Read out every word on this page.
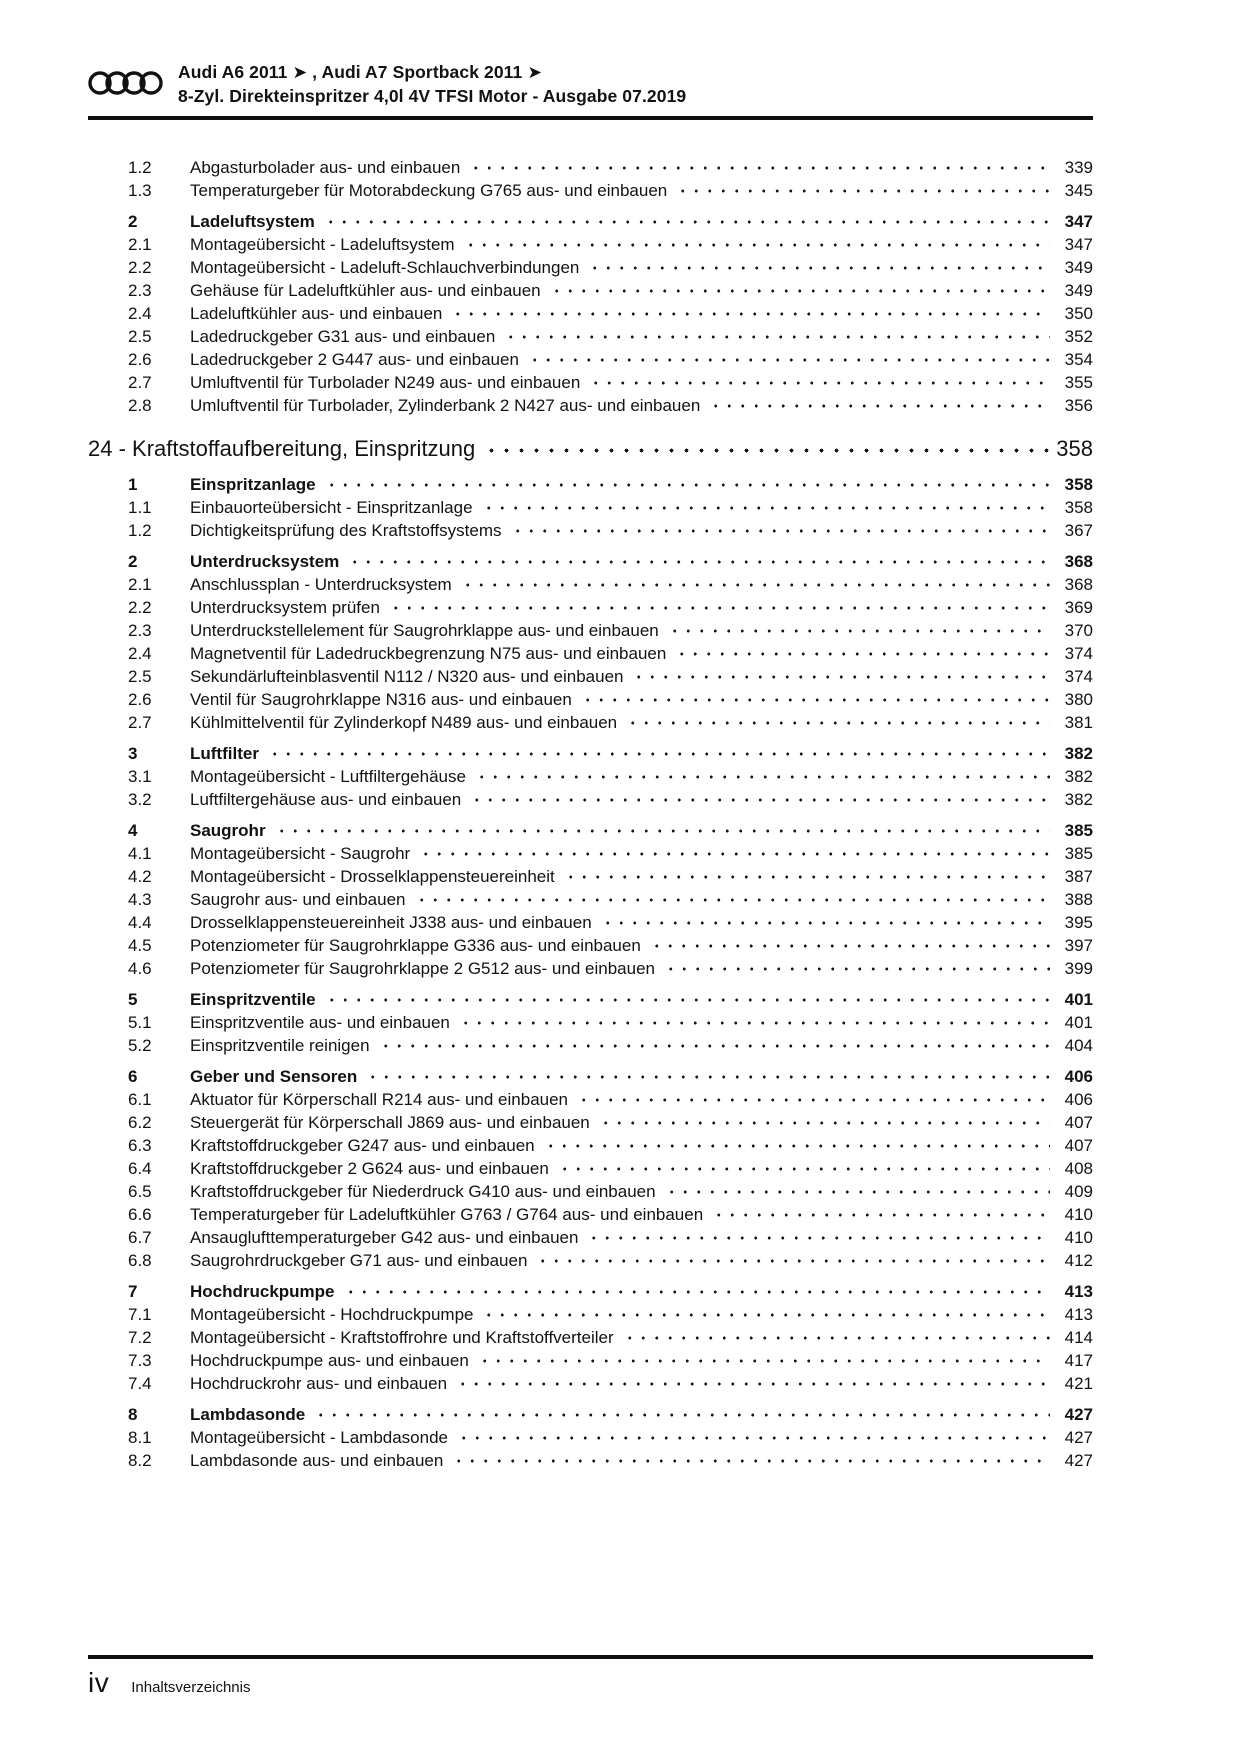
Audi A6 2011 ➤ , Audi A7 Sportback 2011 ➤
8-Zyl. Direkteinspritzer 4,0l 4V TFSI Motor - Ausgabe 07.2019
1.2	Abgasturbolader aus- und einbauen	339
1.3	Temperaturgeber für Motorabdeckung G765 aus- und einbauen	345
2	Ladeluftsystem	347
2.1	Montageübersicht - Ladeluftsystem	347
2.2	Montageübersicht - Ladeluft-Schlauchverbindungen	349
2.3	Gehäuse für Ladeluftkühler aus- und einbauen	349
2.4	Ladeluftkühler aus- und einbauen	350
2.5	Ladedruckgeber G31 aus- und einbauen	352
2.6	Ladedruckgeber 2 G447 aus- und einbauen	354
2.7	Umluftventil für Turbolader N249 aus- und einbauen	355
2.8	Umluftventil für Turbolader, Zylinderbank 2 N427 aus- und einbauen	356
24 - Kraftstoffaufbereitung, Einspritzung	358
1	Einspritzanlage	358
1.1	Einbauorteübersicht - Einspritzanlage	358
1.2	Dichtigkeitsprüfung des Kraftstoffsystems	367
2	Unterdrucksystem	368
2.1	Anschlussplan - Unterdrucksystem	368
2.2	Unterdrucksystem prüfen	369
2.3	Unterdruckstellelement für Saugrohrklappe aus- und einbauen	370
2.4	Magnetventil für Ladedruckbegrenzung N75 aus- und einbauen	374
2.5	Sekundärlufteinblasventil N112 / N320 aus- und einbauen	374
2.6	Ventil für Saugrohrklappe N316 aus- und einbauen	380
2.7	Kühlmittelventil für Zylinderkopf N489 aus- und einbauen	381
3	Luftfilter	382
3.1	Montageübersicht - Luftfiltergehäuse	382
3.2	Luftfiltergehäuse aus- und einbauen	382
4	Saugrohr	385
4.1	Montageübersicht - Saugrohr	385
4.2	Montageübersicht - Drosselklappensteuereinheit	387
4.3	Saugrohr aus- und einbauen	388
4.4	Drosselklappensteuereinheit J338 aus- und einbauen	395
4.5	Potenziometer für Saugrohrklappe G336 aus- und einbauen	397
4.6	Potenziometer für Saugrohrklappe 2 G512 aus- und einbauen	399
5	Einspritzventile	401
5.1	Einspritzventile aus- und einbauen	401
5.2	Einspritzventile reinigen	404
6	Geber und Sensoren	406
6.1	Aktuator für Körperschall R214 aus- und einbauen	406
6.2	Steuergerät für Körperschall J869 aus- und einbauen	407
6.3	Kraftstoffdruckgeber G247 aus- und einbauen	407
6.4	Kraftstoffdruckgeber 2 G624 aus- und einbauen	408
6.5	Kraftstoffdruckgeber für Niederdruck G410 aus- und einbauen	409
6.6	Temperaturgeber für Ladeluftkühler G763 / G764 aus- und einbauen	410
6.7	Ansauglufttemperaturgeber G42 aus- und einbauen	410
6.8	Saugrohrdruckgeber G71 aus- und einbauen	412
7	Hochdruckpumpe	413
7.1	Montageübersicht - Hochdruckpumpe	413
7.2	Montageübersicht - Kraftstoffrohre und Kraftstoffverteiler	414
7.3	Hochdruckpumpe aus- und einbauen	417
7.4	Hochdruckrohr aus- und einbauen	421
8	Lambdasonde	427
8.1	Montageübersicht - Lambdasonde	427
8.2	Lambdasonde aus- und einbauen	427
iv Inhaltsverzeichnis
